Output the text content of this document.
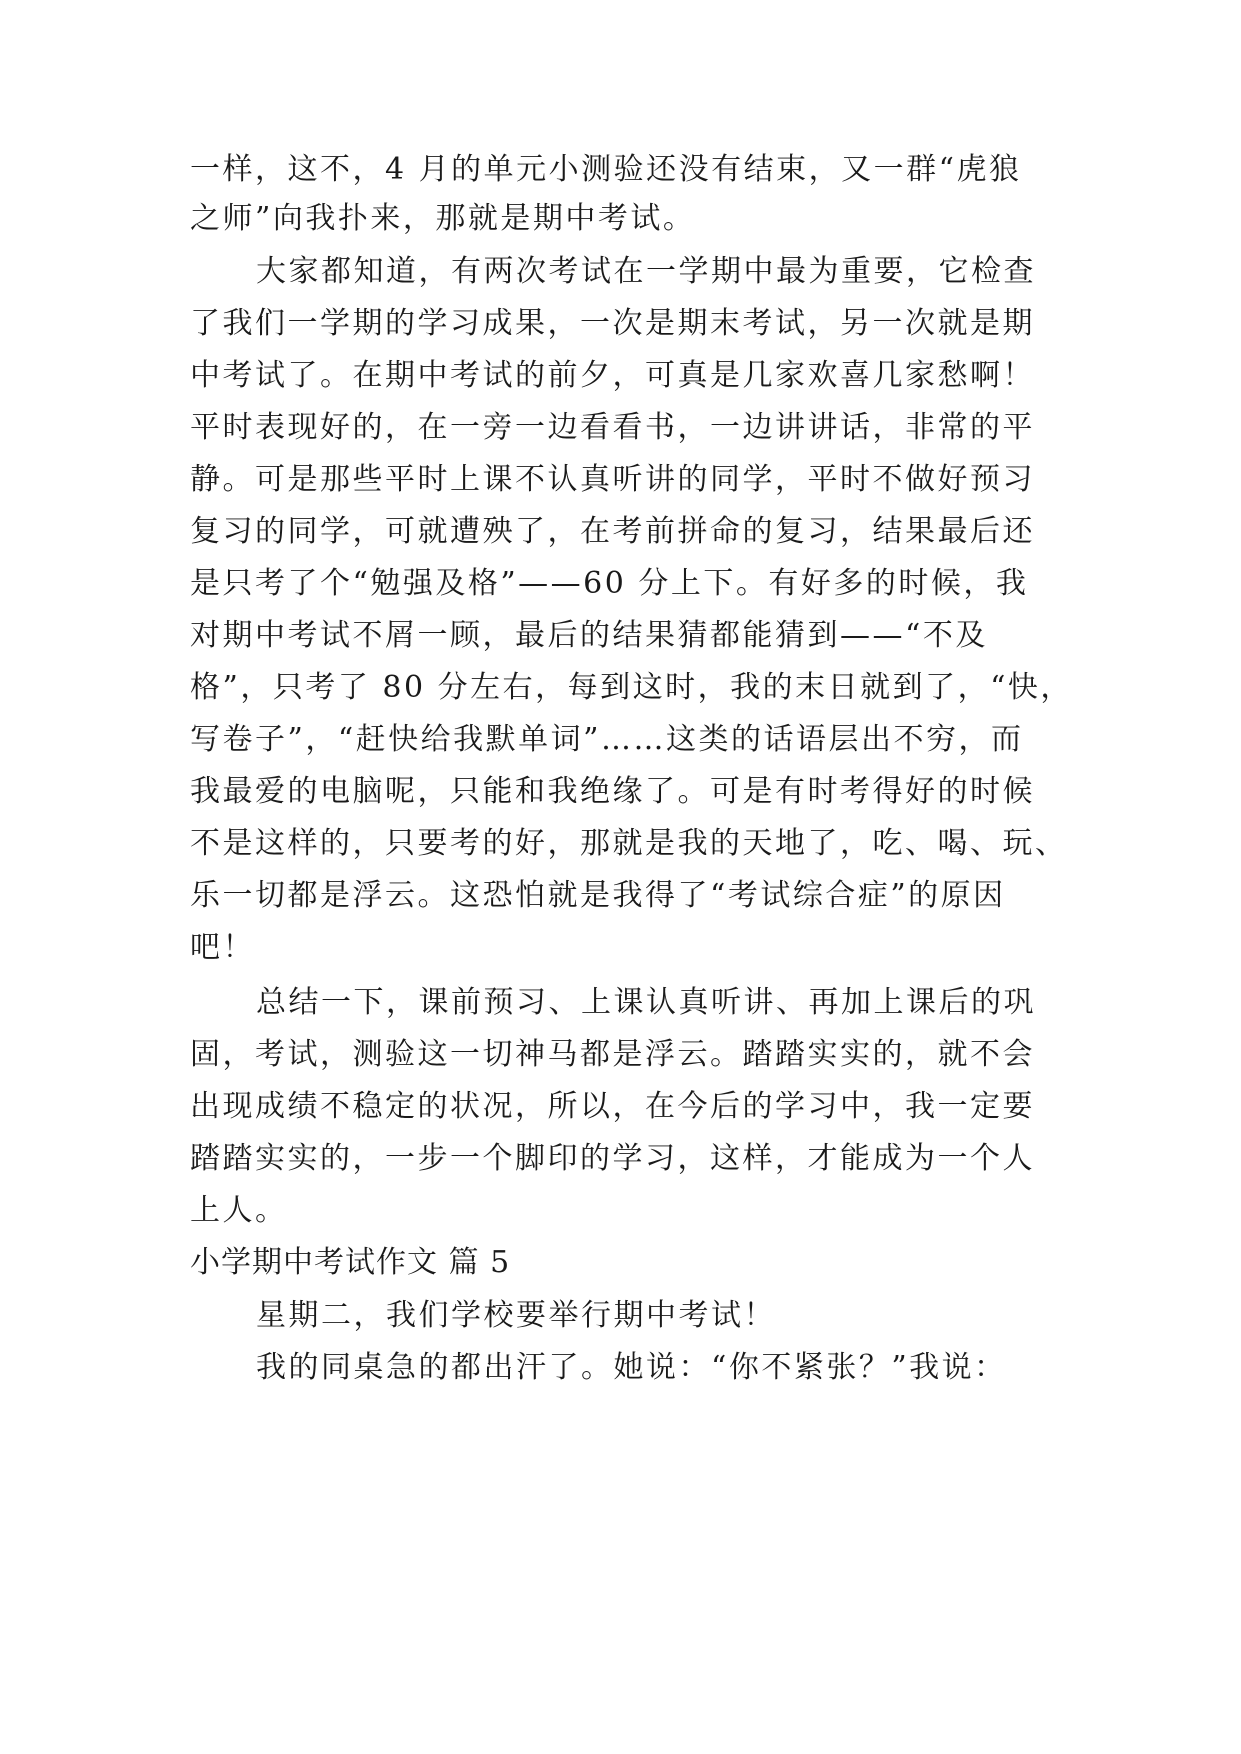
一样，这不，4 月的单元小测验还没有结束，又一群“虎狼
之师”向我扑来，那就是期中考试。
大家都知道，有两次考试在一学期中最为重要，它检查
了我们一学期的学习成果，一次是期末考试，另一次就是期
中考试了。在期中考试的前夕，可真是几家欢喜几家愁啊！
平时表现好的，在一旁一边看看书，一边讲讲话，非常的平
静。可是那些平时上课不认真听讲的同学，平时不做好预习
复习的同学，可就遭殃了，在考前拼命的复习，结果最后还
是只考了个“勉强及格”——60 分上下。有好多的时候，我
对期中考试不屑一顾，最后的结果猜都能猜到——“不及
格”，只考了 80 分左右，每到这时，我的末日就到了，“快，
写卷子”，“赶快给我默单词”……这类的话语层出不穷，而
我最爱的电脑呢，只能和我绝缘了。可是有时考得好的时候
不是这样的，只要考的好，那就是我的天地了，吃、喝、玩、
乐一切都是浮云。这恐怕就是我得了“考试综合症”的原因
吧！
总结一下，课前预习、上课认真听讲、再加上课后的巩
固，考试，测验这一切神马都是浮云。踏踏实实的，就不会
出现成绩不稳定的状况，所以，在今后的学习中，我一定要
踏踏实实的，一步一个脚印的学习，这样，才能成为一个人
上人。
小学期中考试作文 篇 5
星期二，我们学校要举行期中考试！
我的同桌急的都出汗了。她说：“你不紧张？”我说：
